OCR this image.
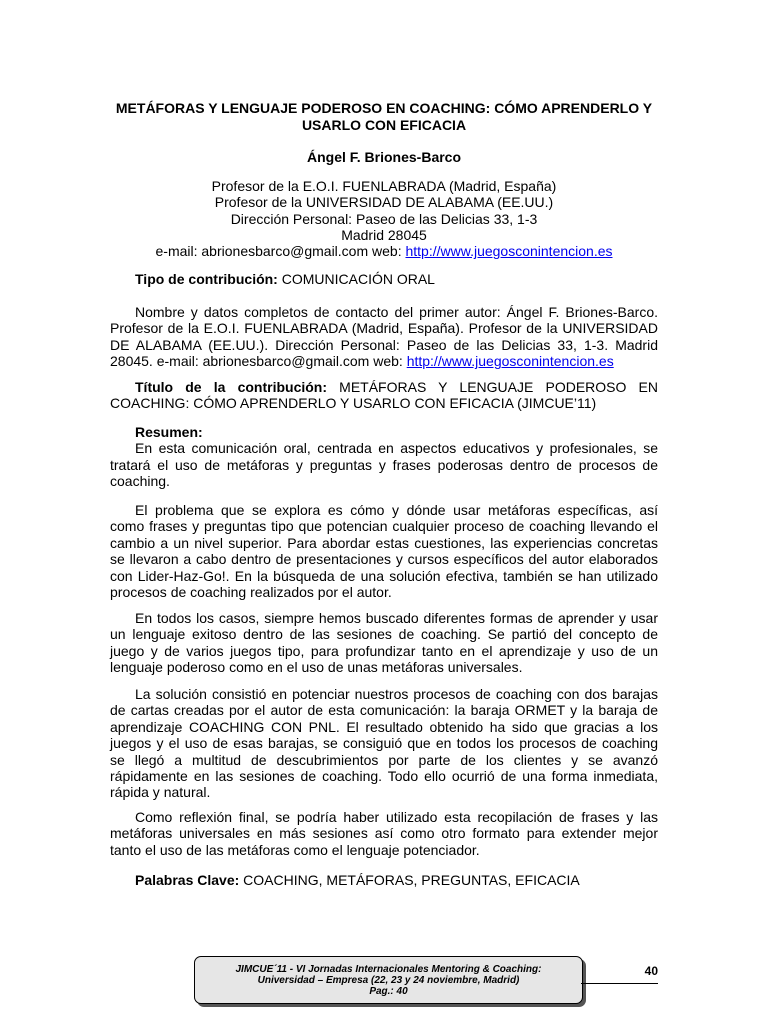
METÁFORAS Y LENGUAJE PODEROSO EN COACHING: CÓMO APRENDERLO Y
USARLO CON EFICACIA
Ángel F. Briones-Barco
Profesor de la E.O.I. FUENLABRADA (Madrid, España)
Profesor de la UNIVERSIDAD DE ALABAMA (EE.UU.)
Dirección Personal: Paseo de las Delicias 33, 1-3
Madrid 28045
e-mail: abrionesbarco@gmail.com web: http://www.juegosconintencion.es
Tipo de contribución: COMUNICACIÓN ORAL
Nombre y datos completos de contacto del primer autor: Ángel F. Briones-Barco.
Profesor de la E.O.I. FUENLABRADA (Madrid, España). Profesor de la UNIVERSIDAD
DE ALABAMA (EE.UU.). Dirección Personal: Paseo de las Delicias 33, 1-3. Madrid
28045. e-mail: abrionesbarco@gmail.com web: http://www.juegosconintencion.es
Título de la contribución: METÁFORAS Y LENGUAJE PODEROSO EN
COACHING: CÓMO APRENDERLO Y USARLO CON EFICACIA (JIMCUE’11)
Resumen:
En esta comunicación oral, centrada en aspectos educativos y profesionales, se
tratará el uso de metáforas y preguntas y frases poderosas dentro de procesos de
coaching.
El problema que se explora es cómo y dónde usar metáforas específicas, así
como frases y preguntas tipo que potencian cualquier proceso de coaching llevando el
cambio a un nivel superior. Para abordar estas cuestiones, las experiencias concretas
se llevaron a cabo dentro de presentaciones y cursos específicos del autor elaborados
con Lider-Haz-Go!. En la búsqueda de una solución efectiva, también se han utilizado
procesos de coaching realizados por el autor.
En todos los casos, siempre hemos buscado diferentes formas de aprender y usar
un lenguaje exitoso dentro de las sesiones de coaching. Se partió del concepto de
juego y de varios juegos tipo, para profundizar tanto en el aprendizaje y uso de un
lenguaje poderoso como en el uso de unas metáforas universales.
La solución consistió en potenciar nuestros procesos de coaching con dos barajas
de cartas creadas por el autor de esta comunicación: la baraja ORMET y la baraja de
aprendizaje COACHING CON PNL. El resultado obtenido ha sido que gracias a los
juegos y el uso de esas barajas, se consiguió que en todos los procesos de coaching
se llegó a multitud de descubrimientos por parte de los clientes y se avanzó
rápidamente en las sesiones de coaching. Todo ello ocurrió de una forma inmediata,
rápida y natural.
Como reflexión final, se podría haber utilizado esta recopilación de frases y las
metáforas universales en más sesiones así como otro formato para extender mejor
tanto el uso de las metáforas como el lenguaje potenciador.
Palabras Clave: COACHING, METÁFORAS, PREGUNTAS, EFICACIA
JIMCUE´11 - VI Jornadas Internacionales Mentoring & Coaching:
Universidad – Empresa (22, 23 y 24 noviembre, Madrid)
Pag.: 40
40
